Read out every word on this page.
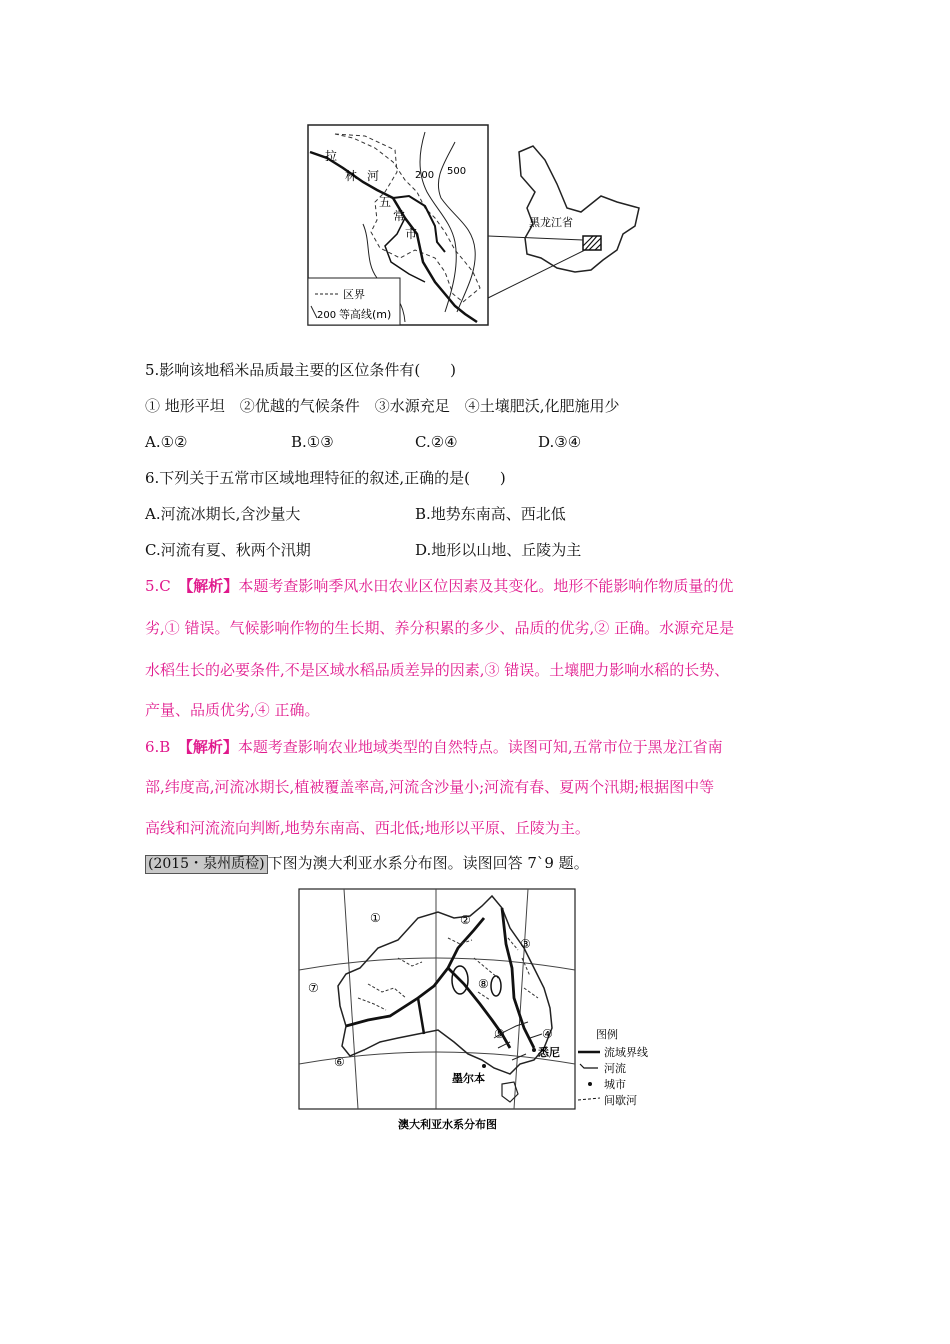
拉
林 河
五
常
市
200 500
区界
200 等高线(m)
黑龙江省
5.影响该地稻米品质最主要的区位条件有(　　)
① 地形平坦　②优越的气候条件　③水源充足　④土壤肥沃,化肥施用少
A.①②	B.①③	C.②④	D.③④
6.下列关于五常市区域地理特征的叙述,正确的是(　　)
A.河流冰期长,含沙量大	B.地势东南高、西北低
C.河流有夏、秋两个汛期	D.地形以山地、丘陵为主
5.C　【解析】本题考查影响季风水田农业区位因素及其变化。地形不能影响作物质量的优
劣,① 错误。气候影响作物的生长期、养分积累的多少、品质的优劣,② 正确。水源充足是
水稻生长的必要条件,不是区域水稻品质差异的因素,③ 错误。土壤肥力影响水稻的长势、
产量、品质优劣,④ 正确。
6.B　【解析】本题考查影响农业地域类型的自然特点。读图可知,五常市位于黑龙江省南
部,纬度高,河流冰期长,植被覆盖率高,河流含沙量小;河流有春、夏两个汛期;根据图中等
高线和河流流向判断,地势东南高、西北低;地形以平原、丘陵为主。
(2015・泉州质检) 下图为澳大利亚水系分布图。读图回答 7`9 题。
①	②
③
④
⑤
⑥
⑦	⑧
悉尼
墨尔本
图例
流域界线
河流
城市
间歇河
澳大利亚水系分布图
